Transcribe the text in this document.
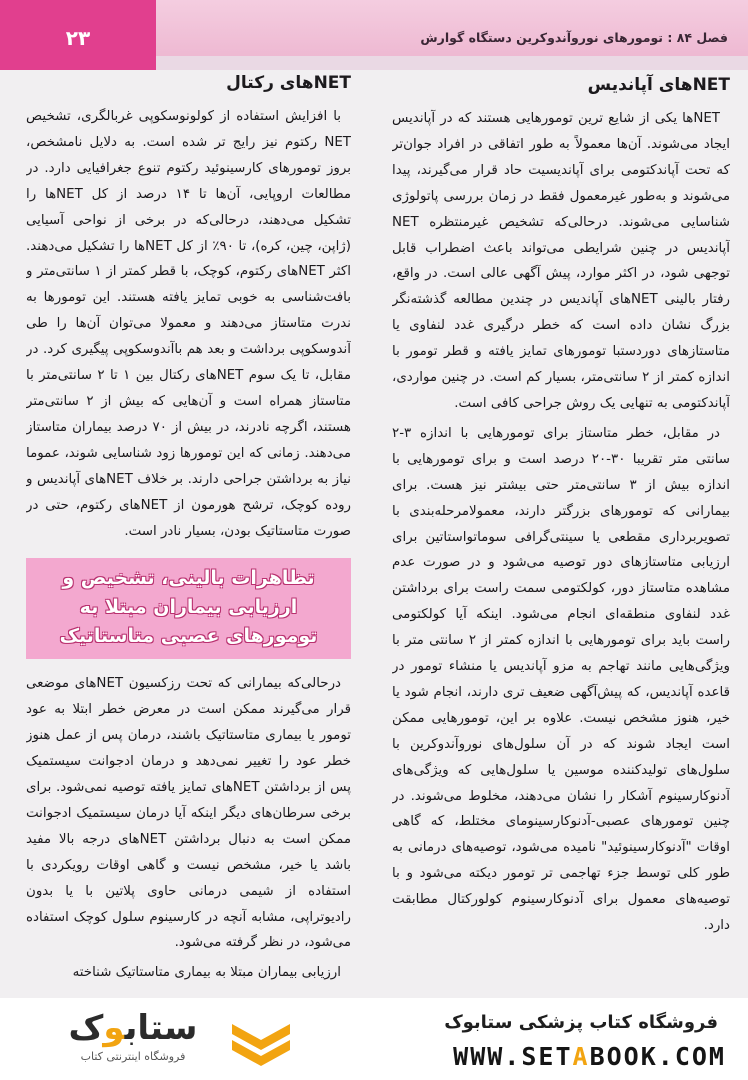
فصل ۸۴ : تومورهای نوروآندوکرین دستگاه گوارش
۲۳
NETهای آپاندیس

NETها یکی از شایع ترین تومورهایی هستند که در آپاندیس ایجاد می‌شوند. آن‌ها معمولاً به طور اتفاقی در افراد جوان‌تر که تحت آپاندکتومی برای آپاندیسیت حاد قرار می‌گیرند، پیدا می‌شوند و به‌طور غیرمعمول فقط در زمان بررسی پاتولوژی شناسایی می‌شوند. درحالی‌که تشخیص غیرمنتظره NET آپاندیس در چنین شرایطی می‌تواند باعث اضطراب قابل توجهی شود، در اکثر موارد، پیش آگهی عالی است. در واقع، رفتار بالینی NETهای آپاندیس در چندین مطالعه گذشته‌نگر بزرگ نشان داده است که خطر درگیری غدد لنفاوی یا متاستازهای دوردستبا تومورهای تمایز یافته و قطر تومور با اندازه کمتر از ۲ سانتی‌متر، بسیار کم است. در چنین مواردی، آپاندکتومی به تنهایی یک روش جراحی کافی است.

در مقابل، خطر متاستاز برای تومورهایی با اندازه ۳-۲ سانتی متر تقریبا ۳۰-۲۰ درصد است و برای تومورهایی با اندازه بیش از ۳ سانتی‌متر حتی بیشتر نیز هست. برای بیمارانی که تومورهای بزرگتر دارند، معمولامرحله‌بندی با تصویربرداری مقطعی یا سینتی‌گرافی سوماتواستاتین برای ارزیابی متاستازهای دور توصیه می‌شود و در صورت عدم مشاهده متاستاز دور، کولکتومی سمت راست برای برداشتن غدد لنفاوی منطقه‌ای انجام می‌شود. اینکه آیا کولکتومی راست باید برای تومورهایی با اندازه کمتر از ۲ سانتی متر با ویژگی‌هایی مانند تهاجم به مزو آپاندیس یا منشاء تومور در قاعده آپاندیس، که پیش‌آگهی ضعیف تری دارند، انجام شود یا خیر، هنوز مشخص نیست. علاوه بر این، تومورهایی ممکن است ایجاد شوند که در آن سلول‌های نوروآندوکرین با سلول‌های تولیدکننده موسین یا سلول‌هایی که ویژگی‌های آدنوکارسینوم آشکار را نشان می‌دهند، مخلوط می‌شوند. در چنین تومورهای عصبی-آدنوکارسینومای مختلط، که گاهی اوقات "آدنوکارسینوئید" نامیده می‌شود، توصیه‌های درمانی به طور کلی توسط جزء تهاجمی تر تومور دیکته می‌شود و با توصیه‌های معمول برای آدنوکارسینوم کولورکتال مطابقت دارد.

NETهای رکتال

با افزایش استفاده از کولونوسکوپی غربالگری، تشخیص NET رکتوم نیز رایج تر شده است. به دلایل نامشخص، بروز تومورهای کارسینوئید رکتوم تنوع جغرافیایی دارد. در مطالعات اروپایی، آن‌ها تا ۱۴ درصد از کل NETها را تشکیل می‌دهند، درحالی‌که در برخی از نواحی آسیایی (ژاپن، چین، کره)، تا ۹۰٪ از کل NETها را تشکیل می‌دهند. اکثر NETهای رکتوم، کوچک، با قطر کمتر از ۱ سانتی‌متر و بافت‌شناسی به خوبی تمایز یافته هستند. این تومورها به ندرت متاستاز می‌دهند و معمولا می‌توان آن‌ها را طی آندوسکوپی برداشت و بعد هم باآندوسکوپی پیگیری کرد. در مقابل، تا یک سوم NETهای رکتال بین ۱ تا ۲ سانتی‌متر با متاستاز همراه است و آن‌هایی که بیش از ۲ سانتی‌متر هستند، اگرچه نادرند، در بیش از ۷۰ درصد بیماران متاستاز می‌دهند. زمانی که این تومورها زود شناسایی شوند، عموما نیاز به برداشتن جراحی دارند. بر خلاف NETهای آپاندیس و روده کوچک، ترشح هورمون از NETهای رکتوم، حتی در صورت متاستاتیک بودن، بسیار نادر است.

تظاهرات بالینی، تشخیص و ارزیابی بیماران مبتلا به تومورهای عصبی متاستاتیک

درحالی‌که بیمارانی که تحت رزکسیون NETهای موضعی قرار می‌گیرند ممکن است در معرض خطر ابتلا به عود تومور یا بیماری متاستاتیک باشند، درمان پس از عمل هنوز خطر عود را تغییر نمی‌دهد و درمان ادجوانت سیستمیک پس از برداشتن NETهای تمایز یافته توصیه نمی‌شود. برای برخی سرطان‌های دیگر اینکه آیا درمان سیستمیک ادجوانت ممکن است به دنبال برداشتن NETهای درجه بالا مفید باشد یا خیر، مشخص نیست و گاهی اوقات رویکردی با استفاده از شیمی درمانی حاوی پلاتین با یا بدون رادیوتراپی، مشابه آنچه در کارسینوم سلول کوچک استفاده می‌شود، در نظر گرفته می‌شود.

ارزیابی بیماران مبتلا به بیماری متاستاتیک شناخته

ستابوک
فروشگاه اینترنتی کتاب
فروشگاه کتاب پزشکی ستابوک
WWW.SETABOOK.COM
